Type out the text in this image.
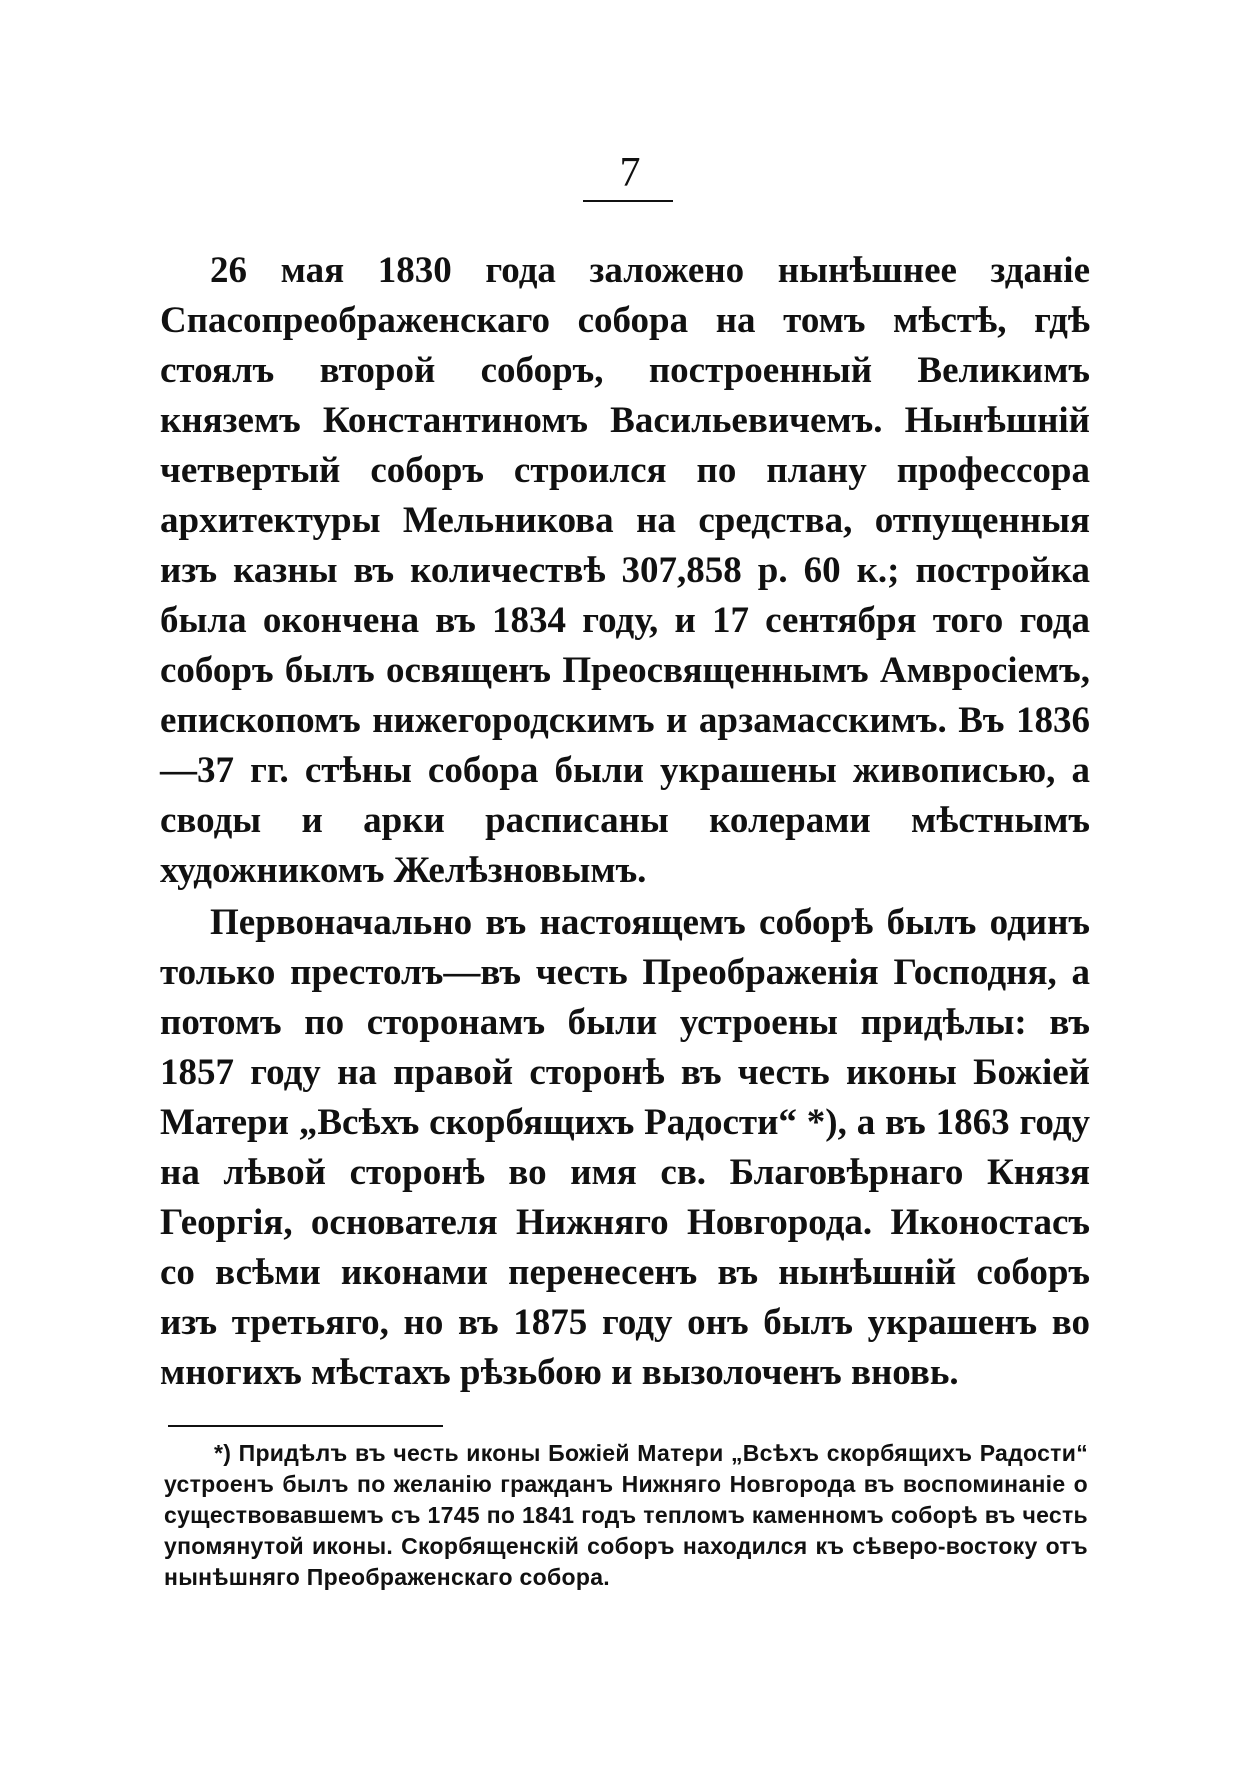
7

26 мая 1830 года заложено нынѣшнее зданіе Спасопреображенскаго собора на томъ мѣстѣ, гдѣ стоялъ второй соборъ, построенный Великимъ княземъ Константиномъ Васильевичемъ. Нынѣшній четвертый соборъ строился по плану профессора архитектуры Мельникова на средства, отпущенныя изъ казны въ количествѣ 307,858 р. 60 к.; постройка была окончена въ 1834 году, и 17 сентября того года соборъ былъ освященъ Преосвященнымъ Амвросіемъ, епископомъ нижегородскимъ и арзамасскимъ. Въ 1836—37 гг. стѣны собора были украшены живописью, а своды и арки расписаны колерами мѣстнымъ художникомъ Желѣзновымъ.

Первоначально въ настоящемъ соборѣ былъ одинъ только престолъ—въ честь Преображенія Господня, а потомъ по сторонамъ были устроены придѣлы: въ 1857 году на правой сторонѣ въ честь иконы Божіей Матери „Всѣхъ скорбящихъ Радости“ *), а въ 1863 году на лѣвой сторонѣ во имя св. Благовѣрнаго Князя Георгія, основателя Нижняго Новгорода. Иконостасъ со всѣми иконами перенесенъ въ нынѣшній соборъ изъ третьяго, но въ 1875 году онъ былъ украшенъ во многихъ мѣстахъ рѣзьбою и вызолоченъ вновь.

*) Придѣлъ въ честь иконы Божіей Матери „Всѣхъ скорбящихъ Радости“ устроенъ былъ по желанію гражданъ Нижняго Новгорода въ воспоминаніе о существовавшемъ съ 1745 по 1841 годъ тепломъ каменномъ соборѣ въ честь упомянутой иконы. Скорбященскій соборъ находился къ сѣверо-востоку отъ нынѣшняго Преображенскаго собора.
